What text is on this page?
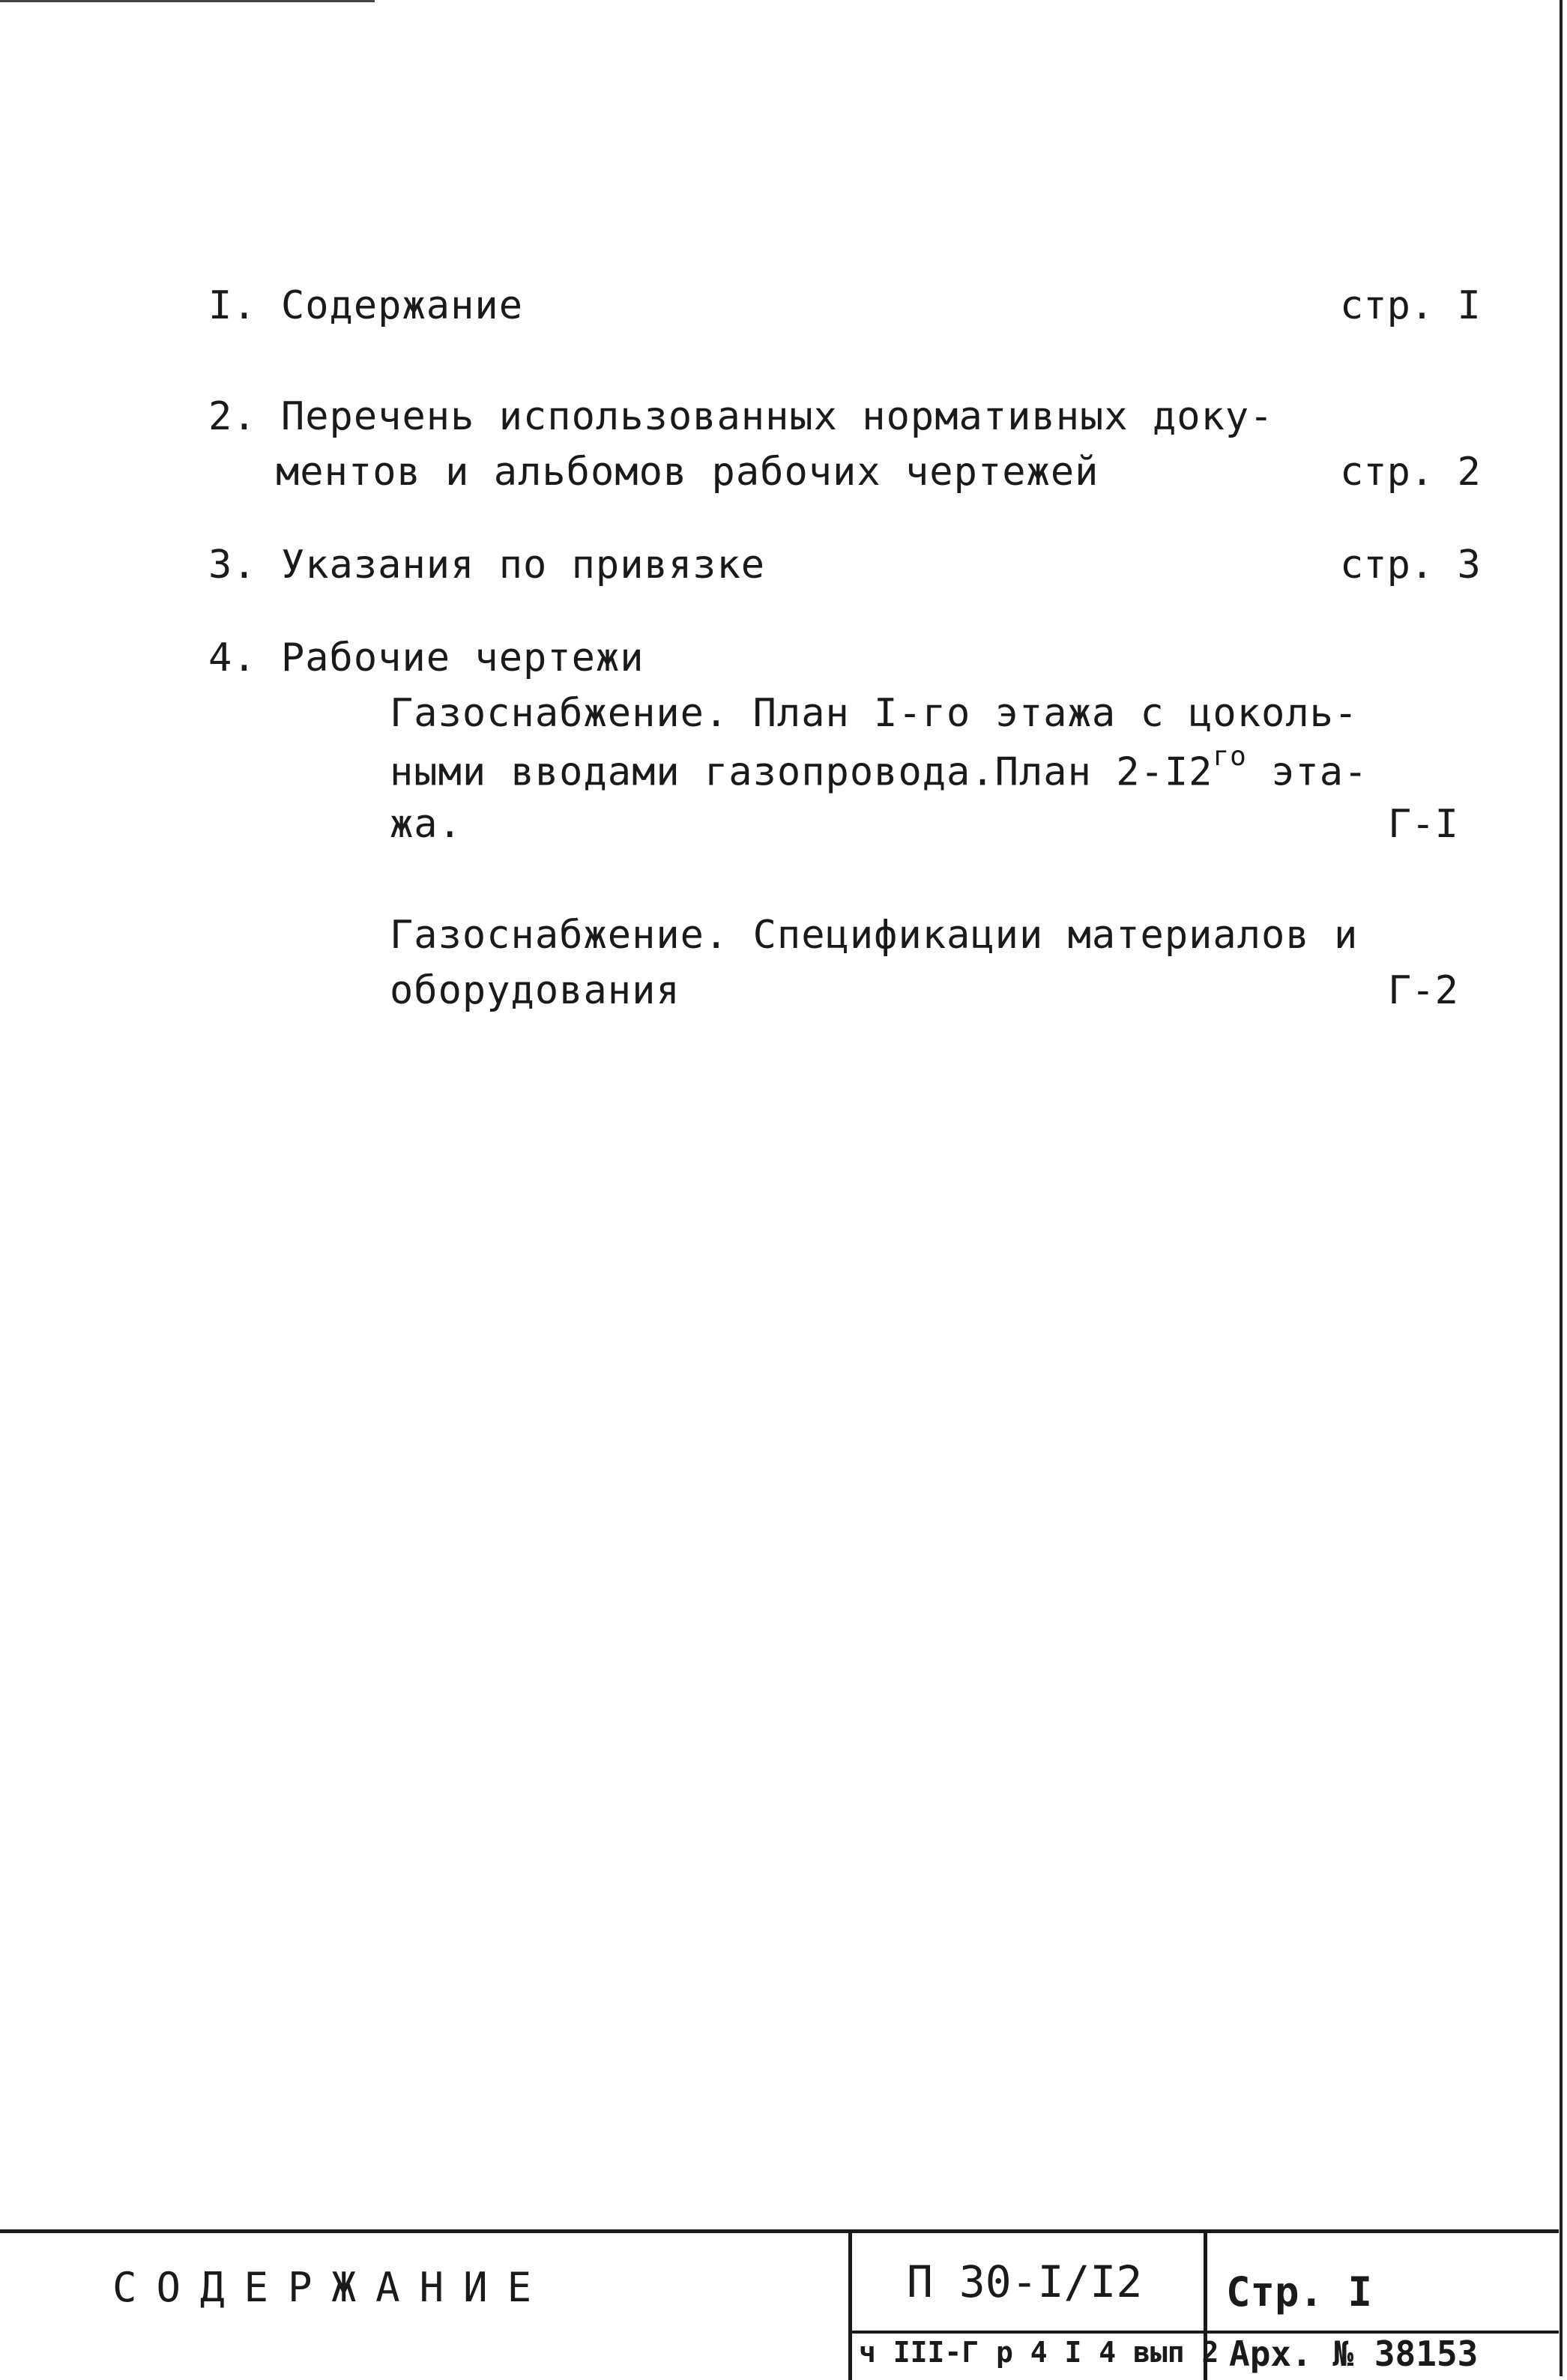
I. Содержание	стр. I
2. Перечень использованных нормативных доку-
ментов и альбомов рабочих чертежей	стр. 2
3. Указания по привязке	стр. 3
4. Рабочие чертежи
Газоснабжение. План I-го этажа с цоколь-
ными вводами газопровода.План $2-I2^{го}$ эта-
жа.	Г-I
Газоснабжение. Спецификации материалов и
оборудования	Г-2
СОДЕРЖАНИЕ	П 30-I/I2 Стр. I
ч III-Г р 4 I 4 вып 2 Арх. № 38153
